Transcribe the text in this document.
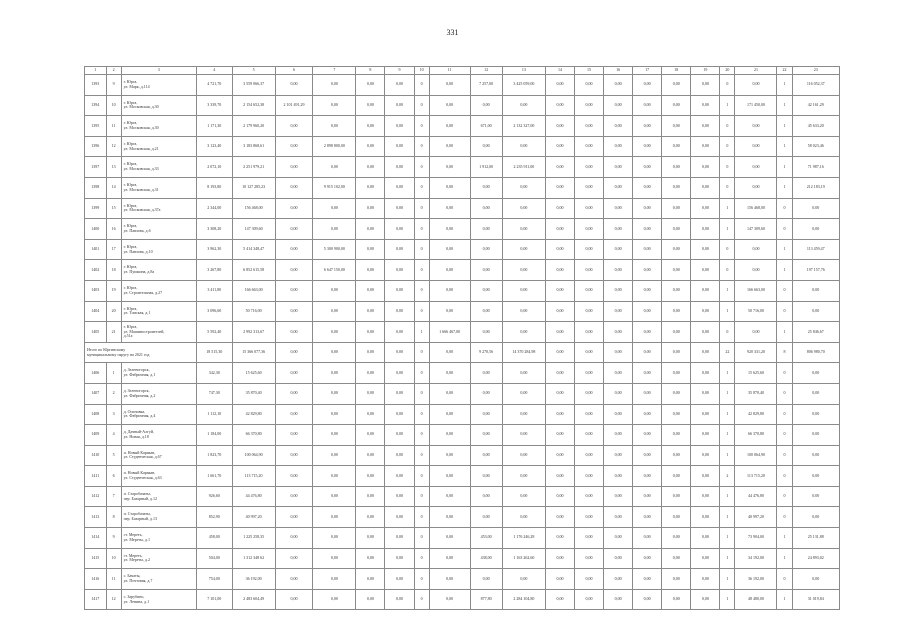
331
1	2	3	4	5	6	7	8	9	10	11	12	13	14	15	16	17	18	19	20	21	22	23
1393	9	г. Юрга,
ул. Марк, д.114	4 721,70	3 559 066,37	0,00	0,00	0,00	0,00	0	0,00	7 257,00	3 425 059,00	0,00	0,00	0,00	0,00	0,00	0,00	0	0,00	1	116 052,37
1394	10	г. Юрга,
ул. Московская, д.30	3 339,70	2 154 652,38	2 101 491,29	0,00	0,00	0,00	0	0,00	0,00	0,00	0,00	0,00	0,00	0,00	0,00	0,00	1	171 450,00	1	42 161,29
1395	11	г. Юрга,
ул. Московская, д.30	1 171,30	2 179 960,20	0,00	0,00	0,00	0,00	0	0,00	671,00	2 132 327,00	0,00	0,00	0,00	0,00	0,00	0,00	0	0,00	1	45 633,20
1396	12	г. Юрга,
ул. Московская, д.21	3 123,40	3 183 868,61	0,00	2 898 800,00	0,00	0,00	0	0,00	0,00	0,00	0,00	0,00	0,00	0,00	0,00	0,00	0	0,00	1	58 023,46
1397	13	г. Юрга,
ул. Московская, д.33	2 072,10	2 251 979,21	0,00	0,00	0,00	0,00	0	0,00	1 912,00	2 235 911,00	0,00	0,00	0,00	0,00	0,00	0,00	0	0,00	1	71 987,16
1398	14	г. Юрга,
ул. Московская, д.31	8 193,80	10 127 285,23	0,00	9 915 102,00	0,00	0,00	0	0,00	0,00	0,00	0,00	0,00	0,00	0,00	0,00	0,00	0	0,00	1	212 183,19
1399	15	г. Юрга,
ул. Московская, д.37а	2 344,00	156 468,00	0,00	0,00	0,00	0,00	0	0,00	0,00	0,00	0,00	0,00	0,00	0,00	0,00	0,00	1	156 468,00	0	0,00
1400	16	г. Юрга,
ул. Павлова, д.6	3 308,20	147 309,60	0,00	0,00	0,00	0,00	0	0,00	0,00	0,00	0,00	0,00	0,00	0,00	0,00	0,00	1	147 309,60	0	0,00
1401	17	г. Юрга,
ул. Павлова, д.10	3 962,30	5 414 348,47	0,00	5 300 900,00	0,00	0,00	0	0,00	0,00	0,00	0,00	0,00	0,00	0,00	0,00	0,00	0	0,00	1	113 459,47
1402	18	г. Юрга,
ул. Пушкина, д.8а	3 267,80	6 852 615,58	0,00	6 647 150,00	0,00	0,00	0	0,00	0,00	0,00	0,00	0,00	0,00	0,00	0,00	0,00	0	0,00	1	197 157,76
1403	19	г. Юрга,
ул. Строительная, д.27	3 411,80	166 663,00	0,00	0,00	0,00	0,00	0	0,00	0,00	0,00	0,00	0,00	0,00	0,00	0,00	0,00	1	166 663,00	0	0,00
1404	20	г. Юрга,
ул. Томская, д.1	3 096,60	50 716,00	0,00	0,00	0,00	0,00	0	0,00	0,00	0,00	0,00	0,00	0,00	0,00	0,00	0,00	1	50 716,00	0	0,00
1405	21	г. Юрга,
ул. Машиностроителей,
д.51а	5 592,40	2 992 313,67	0,00	0,00	0,00	0,00	1	1 666 467,00	0,00	0,00	0,00	0,00	0,00	0,00	0,00	0,00	0	0,00	1	25 846,67
Итого по Юргинскому
муниципальному округу на 2021 год			18 515,30	15 366 077,36	0,00	0,00	0,00	0,00	0	0,00	9 270,56	14 370 284,98	0,00	0,00	0,00	0,00	0,00	0,00	22	920 331,20	8	806 980,70
1406	1	д. Зеленогорск,
ул. Фабричная, д.1	342,30	15 625,60	0,00	0,00	0,00	0,00	0	0,00	0,00	0,00	0,00	0,00	0,00	0,00	0,00	0,00	1	15 625,60	0	0,00
1407	2	д. Зеленогорск,
ул. Фабричная, д.2	747,30	35 870,40	0,00	0,00	0,00	0,00	0	0,00	0,00	0,00	0,00	0,00	0,00	0,00	0,00	0,00	1	35 870,40	0	0,00
1408	3	д. Осиновка,
ул. Фабричная, д.4	1 112,10	42 829,80	0,00	0,00	0,00	0,00	0	0,00	0,00	0,00	0,00	0,00	0,00	0,00	0,00	0,00	1	42 829,80	0	0,00
1409	4	д. Дачный-Алгуй,
ул. Новая, д.18	1 184,00	66 370,80	0,00	0,00	0,00	0,00	0	0,00	0,00	0,00	0,00	0,00	0,00	0,00	0,00	0,00	1	66 370,80	0	0,00
1410	5	п. Новый Каракан,
ул. Студенческая, д.67	1 823,70	100 064,90	0,00	0,00	0,00	0,00	0	0,00	0,00	0,00	0,00	0,00	0,00	0,00	0,00	0,00	1	100 064,90	0	0,00
1411	6	п. Новый Каракан,
ул. Студенческая, д.63	1 661,70	113 715,20	0,00	0,00	0,00	0,00	0	0,00	0,00	0,00	0,00	0,00	0,00	0,00	0,00	0,00	2	113 715,20	0	0,00
1412	7	п. Старобачаты,
пер. Базарный, д.12	926,60	44 476,80	0,00	0,00	0,00	0,00	0	0,00	0,00	0,00	0,00	0,00	0,00	0,00	0,00	0,00	1	44 476,80	0	0,00
1413	8	п. Старобачаты,
пер. Базарный, д.13	852,90	40 997,20	0,00	0,00	0,00	0,00	0	0,00	0,00	0,00	0,00	0,00	0,00	0,00	0,00	0,00	1	40 997,20	0	0,00
1414	9	ст. Мереть,
ул. Мереты, д.1	458,00	1 225 258,35	0,00	0,00	0,00	0,00	0	0,00	453,00	1 176 246,28	0,00	0,00	0,00	0,00	0,00	0,00	1	73 904,00	1	25 131,88
1415	10	ст. Мереть,
ул. Мереты, д.2	504,00	1 312 348 62	0,00	0,00	0,00	0,00	0	0,00	438,00	1 163 262,60	0,00	0,00	0,00	0,00	0,00	0,00	1	34 192,00	1	24 893,02
1416	11	с. Бачаты,
ул. Почтовая, д.7	754,00	36 192,00	0,00	0,00	0,00	0,00	0	0,00	0,00	0,00	0,00	0,00	0,00	0,00	0,00	0,00	1	36 192,00	0	0,00
1417	12	с. Зарубино,
ул. Ленина, д.1	7 101,00	2 483 604,49	0,00	0,00	0,00	0,00	0	0,00	877,80	2 284 104,80	0,00	0,00	0,00	0,00	0,00	0,00	1	48 480,00	1	31 019,84
